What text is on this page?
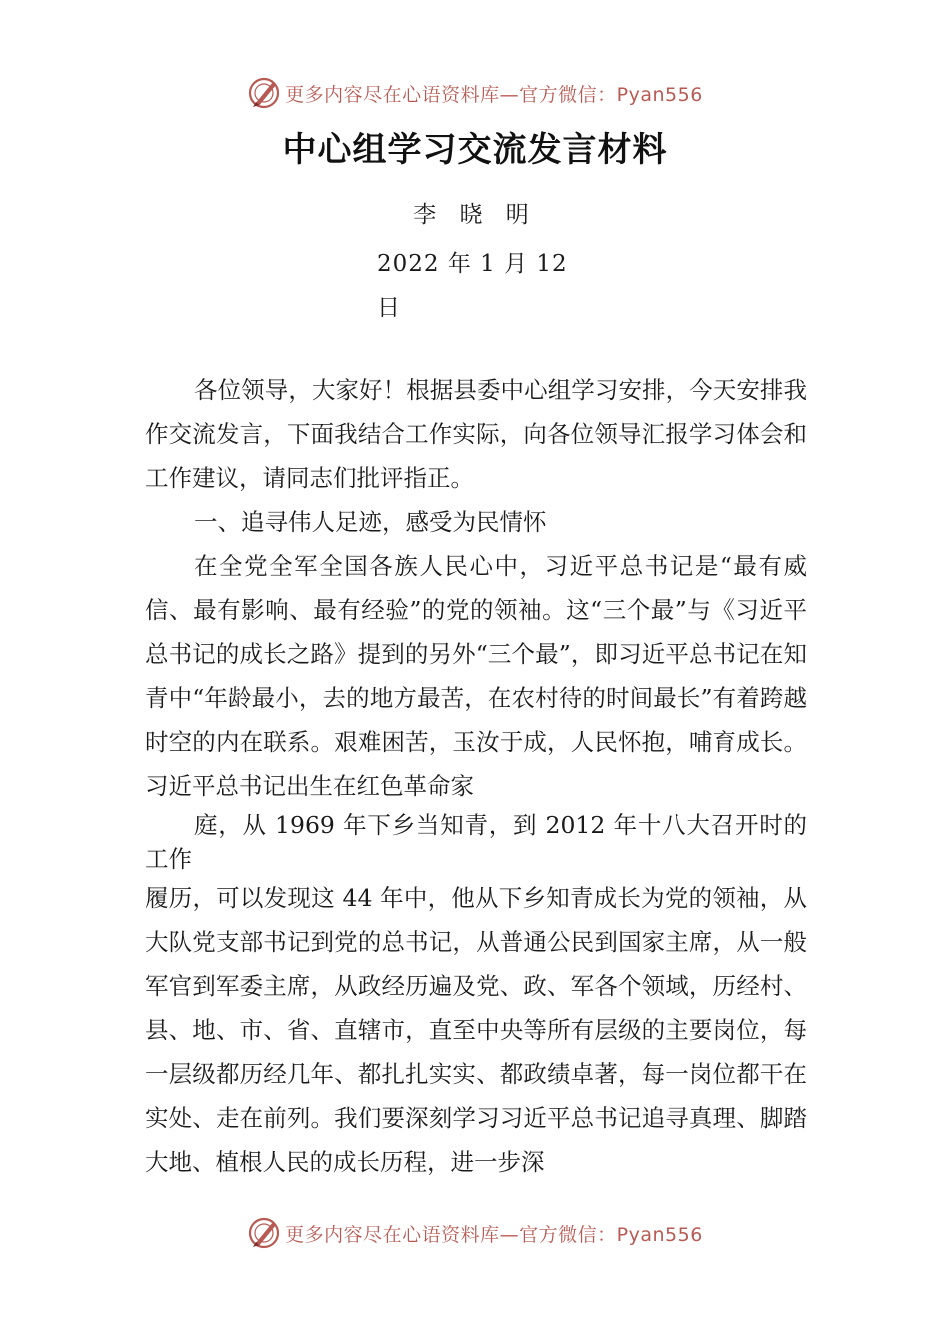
更多内容尽在心语资料库—官方微信：Pyan556
中心组学习交流发言材料
李 晓 明
2022 年 1 月 12
日

各位领导，大家好！根据县委中心组学习安排，今天安排我作交流发言，下面我结合工作实际，向各位领导汇报学习体会和工作建议，请同志们批评指正。

一、追寻伟人足迹，感受为民情怀

在全党全军全国各族人民心中，习近平总书记是“最有威信、最有影响、最有经验”的党的领袖。这“三个最”与《习近平总书记的成长之路》提到的另外“三个最”，即习近平总书记在知青中“年龄最小，去的地方最苦，在农村待的时间最长”有着跨越时空的内在联系。艰难困苦，玉汝于成，人民怀抱，哺育成长。习近平总书记出生在红色革命家
庭，从 1969 年下乡当知青，到 2012 年十八大召开时的工作
履历，可以发现这 44 年中，他从下乡知青成长为党的领袖，从大队党支部书记到党的总书记，从普通公民到国家主席，从一般军官到军委主席，从政经历遍及党、政、军各个领域，历经村、县、地、市、省、直辖市，直至中央等所有层级的主要岗位，每一层级都历经几年、都扎扎实实、都政绩卓著，每一岗位都干在实处、走在前列。我们要深刻学习习近平总书记追寻真理、脚踏大地、植根人民的成长历程，进一步深

更多内容尽在心语资料库—官方微信：Pyan556
